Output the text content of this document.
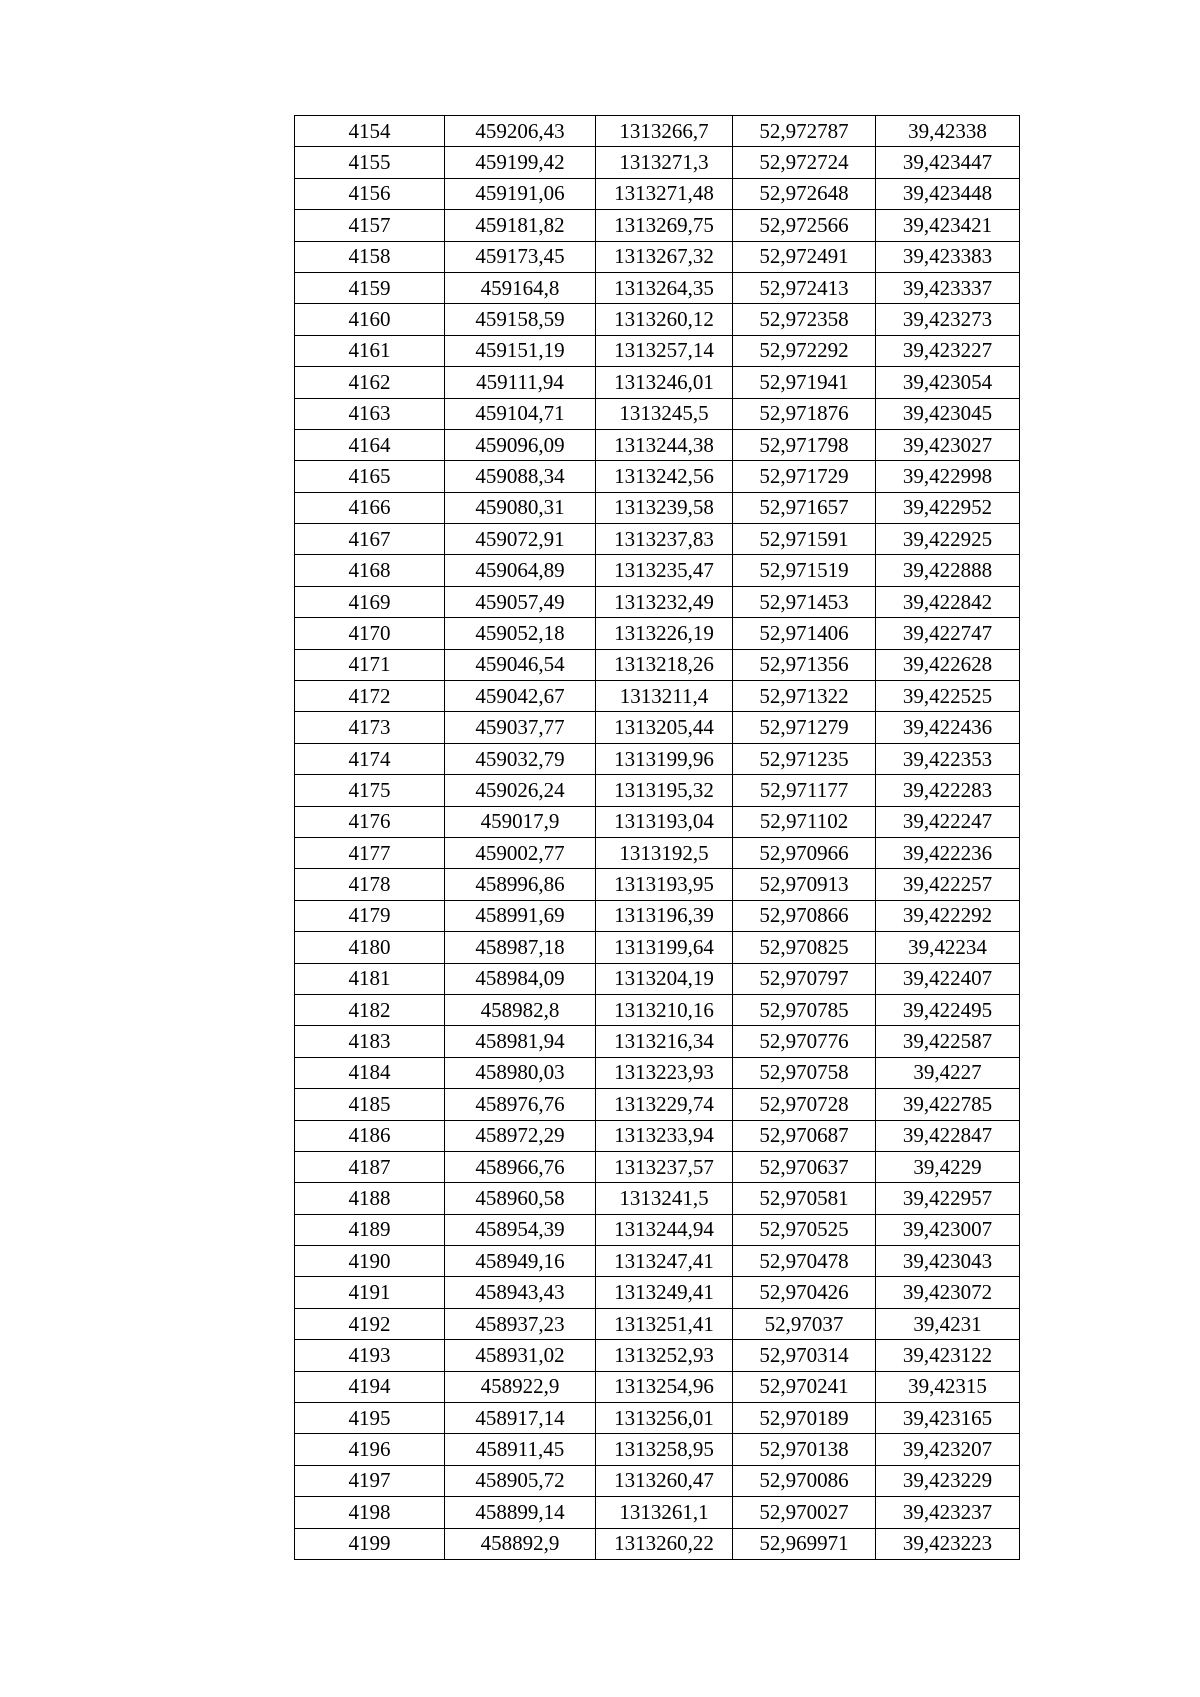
4154	459206,43	1313266,7	52,972787	39,42338
4155	459199,42	1313271,3	52,972724	39,423447
4156	459191,06	1313271,48	52,972648	39,423448
4157	459181,82	1313269,75	52,972566	39,423421
4158	459173,45	1313267,32	52,972491	39,423383
4159	459164,8	1313264,35	52,972413	39,423337
4160	459158,59	1313260,12	52,972358	39,423273
4161	459151,19	1313257,14	52,972292	39,423227
4162	459111,94	1313246,01	52,971941	39,423054
4163	459104,71	1313245,5	52,971876	39,423045
4164	459096,09	1313244,38	52,971798	39,423027
4165	459088,34	1313242,56	52,971729	39,422998
4166	459080,31	1313239,58	52,971657	39,422952
4167	459072,91	1313237,83	52,971591	39,422925
4168	459064,89	1313235,47	52,971519	39,422888
4169	459057,49	1313232,49	52,971453	39,422842
4170	459052,18	1313226,19	52,971406	39,422747
4171	459046,54	1313218,26	52,971356	39,422628
4172	459042,67	1313211,4	52,971322	39,422525
4173	459037,77	1313205,44	52,971279	39,422436
4174	459032,79	1313199,96	52,971235	39,422353
4175	459026,24	1313195,32	52,971177	39,422283
4176	459017,9	1313193,04	52,971102	39,422247
4177	459002,77	1313192,5	52,970966	39,422236
4178	458996,86	1313193,95	52,970913	39,422257
4179	458991,69	1313196,39	52,970866	39,422292
4180	458987,18	1313199,64	52,970825	39,42234
4181	458984,09	1313204,19	52,970797	39,422407
4182	458982,8	1313210,16	52,970785	39,422495
4183	458981,94	1313216,34	52,970776	39,422587
4184	458980,03	1313223,93	52,970758	39,4227
4185	458976,76	1313229,74	52,970728	39,422785
4186	458972,29	1313233,94	52,970687	39,422847
4187	458966,76	1313237,57	52,970637	39,4229
4188	458960,58	1313241,5	52,970581	39,422957
4189	458954,39	1313244,94	52,970525	39,423007
4190	458949,16	1313247,41	52,970478	39,423043
4191	458943,43	1313249,41	52,970426	39,423072
4192	458937,23	1313251,41	52,97037	39,4231
4193	458931,02	1313252,93	52,970314	39,423122
4194	458922,9	1313254,96	52,970241	39,42315
4195	458917,14	1313256,01	52,970189	39,423165
4196	458911,45	1313258,95	52,970138	39,423207
4197	458905,72	1313260,47	52,970086	39,423229
4198	458899,14	1313261,1	52,970027	39,423237
4199	458892,9	1313260,22	52,969971	39,423223
